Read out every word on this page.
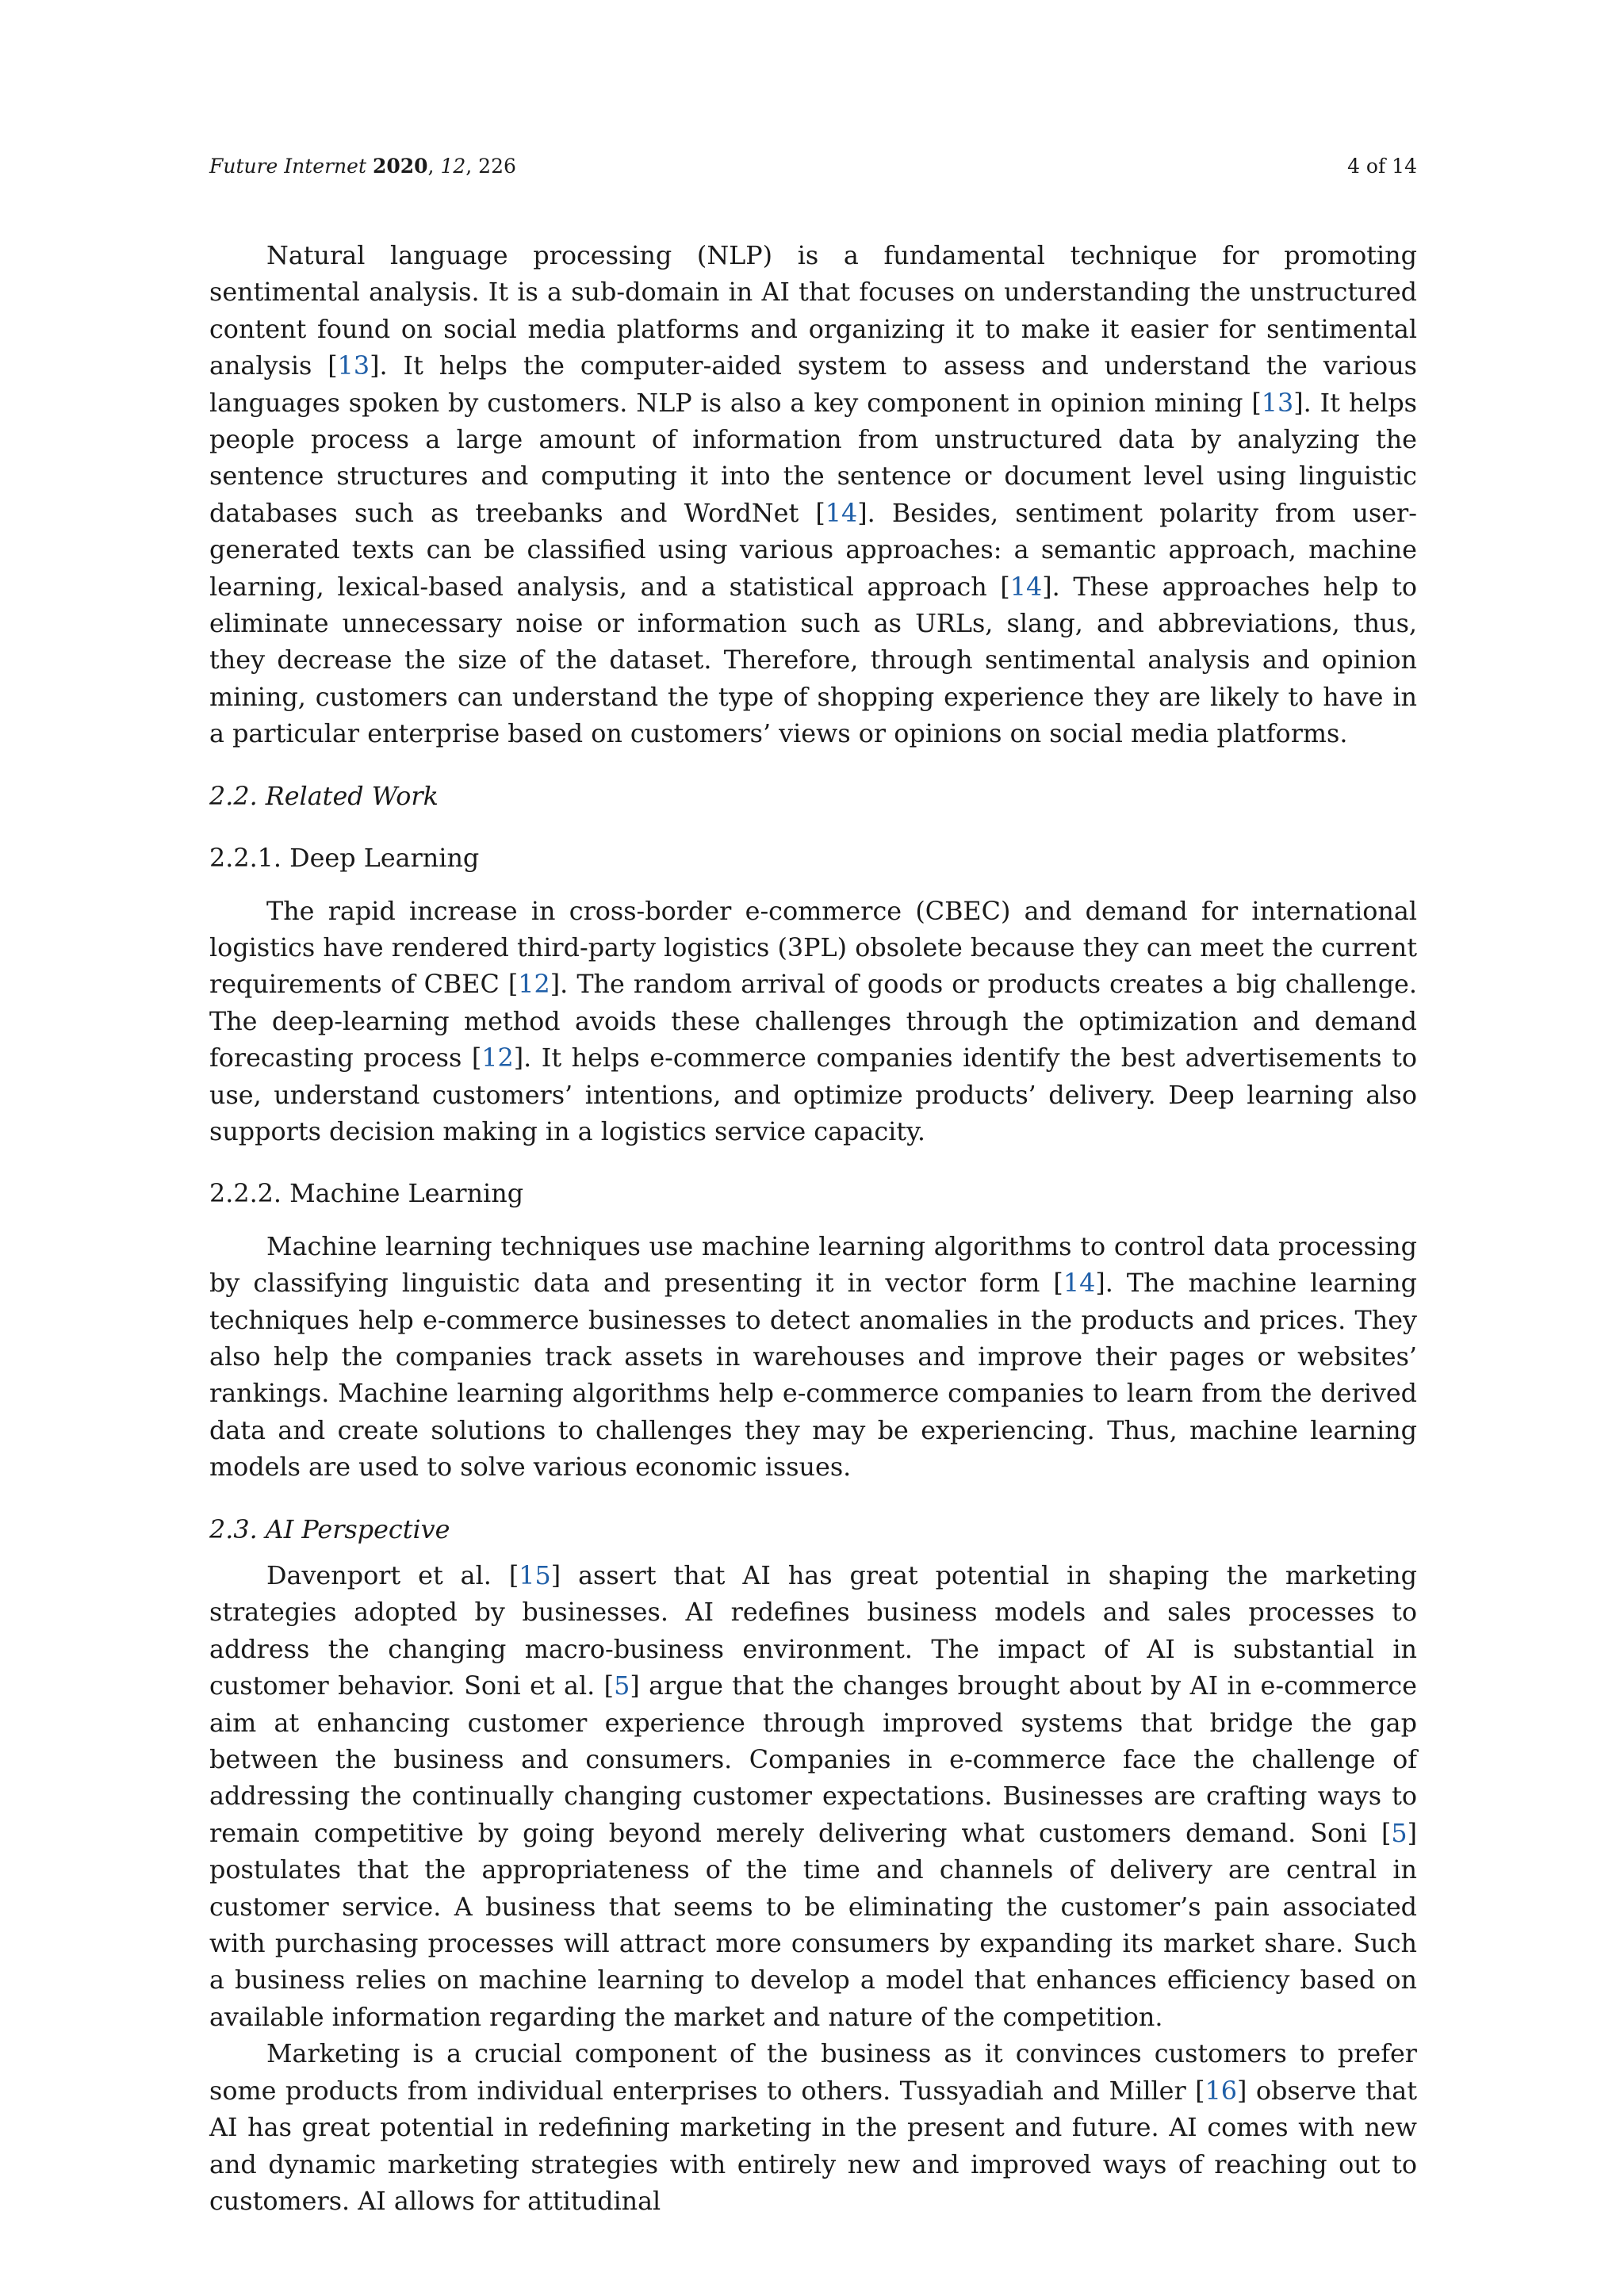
Future Internet 2020, 12, 226	4 of 14

Natural language processing (NLP) is a fundamental technique for promoting sentimental analysis. It is a sub-domain in AI that focuses on understanding the unstructured content found on social media platforms and organizing it to make it easier for sentimental analysis [13]. It helps the computer-aided system to assess and understand the various languages spoken by customers. NLP is also a key component in opinion mining [13]. It helps people process a large amount of information from unstructured data by analyzing the sentence structures and computing it into the sentence or document level using linguistic databases such as treebanks and WordNet [14]. Besides, sentiment polarity from user-generated texts can be classified using various approaches: a semantic approach, machine learning, lexical-based analysis, and a statistical approach [14]. These approaches help to eliminate unnecessary noise or information such as URLs, slang, and abbreviations, thus, they decrease the size of the dataset. Therefore, through sentimental analysis and opinion mining, customers can understand the type of shopping experience they are likely to have in a particular enterprise based on customers’ views or opinions on social media platforms.

2.2. Related Work
2.2.1. Deep Learning

The rapid increase in cross-border e-commerce (CBEC) and demand for international logistics have rendered third-party logistics (3PL) obsolete because they can meet the current requirements of CBEC [12]. The random arrival of goods or products creates a big challenge. The deep-learning method avoids these challenges through the optimization and demand forecasting process [12]. It helps e-commerce companies identify the best advertisements to use, understand customers’ intentions, and optimize products’ delivery. Deep learning also supports decision making in a logistics service capacity.

2.2.2. Machine Learning

Machine learning techniques use machine learning algorithms to control data processing by classifying linguistic data and presenting it in vector form [14]. The machine learning techniques help e-commerce businesses to detect anomalies in the products and prices. They also help the companies track assets in warehouses and improve their pages or websites’ rankings. Machine learning algorithms help e-commerce companies to learn from the derived data and create solutions to challenges they may be experiencing. Thus, machine learning models are used to solve various economic issues.

2.3. AI Perspective

Davenport et al. [15] assert that AI has great potential in shaping the marketing strategies adopted by businesses. AI redefines business models and sales processes to address the changing macro-business environment. The impact of AI is substantial in customer behavior. Soni et al. [5] argue that the changes brought about by AI in e-commerce aim at enhancing customer experience through improved systems that bridge the gap between the business and consumers. Companies in e-commerce face the challenge of addressing the continually changing customer expectations. Businesses are crafting ways to remain competitive by going beyond merely delivering what customers demand. Soni [5] postulates that the appropriateness of the time and channels of delivery are central in customer service. A business that seems to be eliminating the customer’s pain associated with purchasing processes will attract more consumers by expanding its market share. Such a business relies on machine learning to develop a model that enhances efficiency based on available information regarding the market and nature of the competition.

Marketing is a crucial component of the business as it convinces customers to prefer some products from individual enterprises to others. Tussyadiah and Miller [16] observe that AI has great potential in redefining marketing in the present and future. AI comes with new and dynamic marketing strategies with entirely new and improved ways of reaching out to customers. AI allows for attitudinal
